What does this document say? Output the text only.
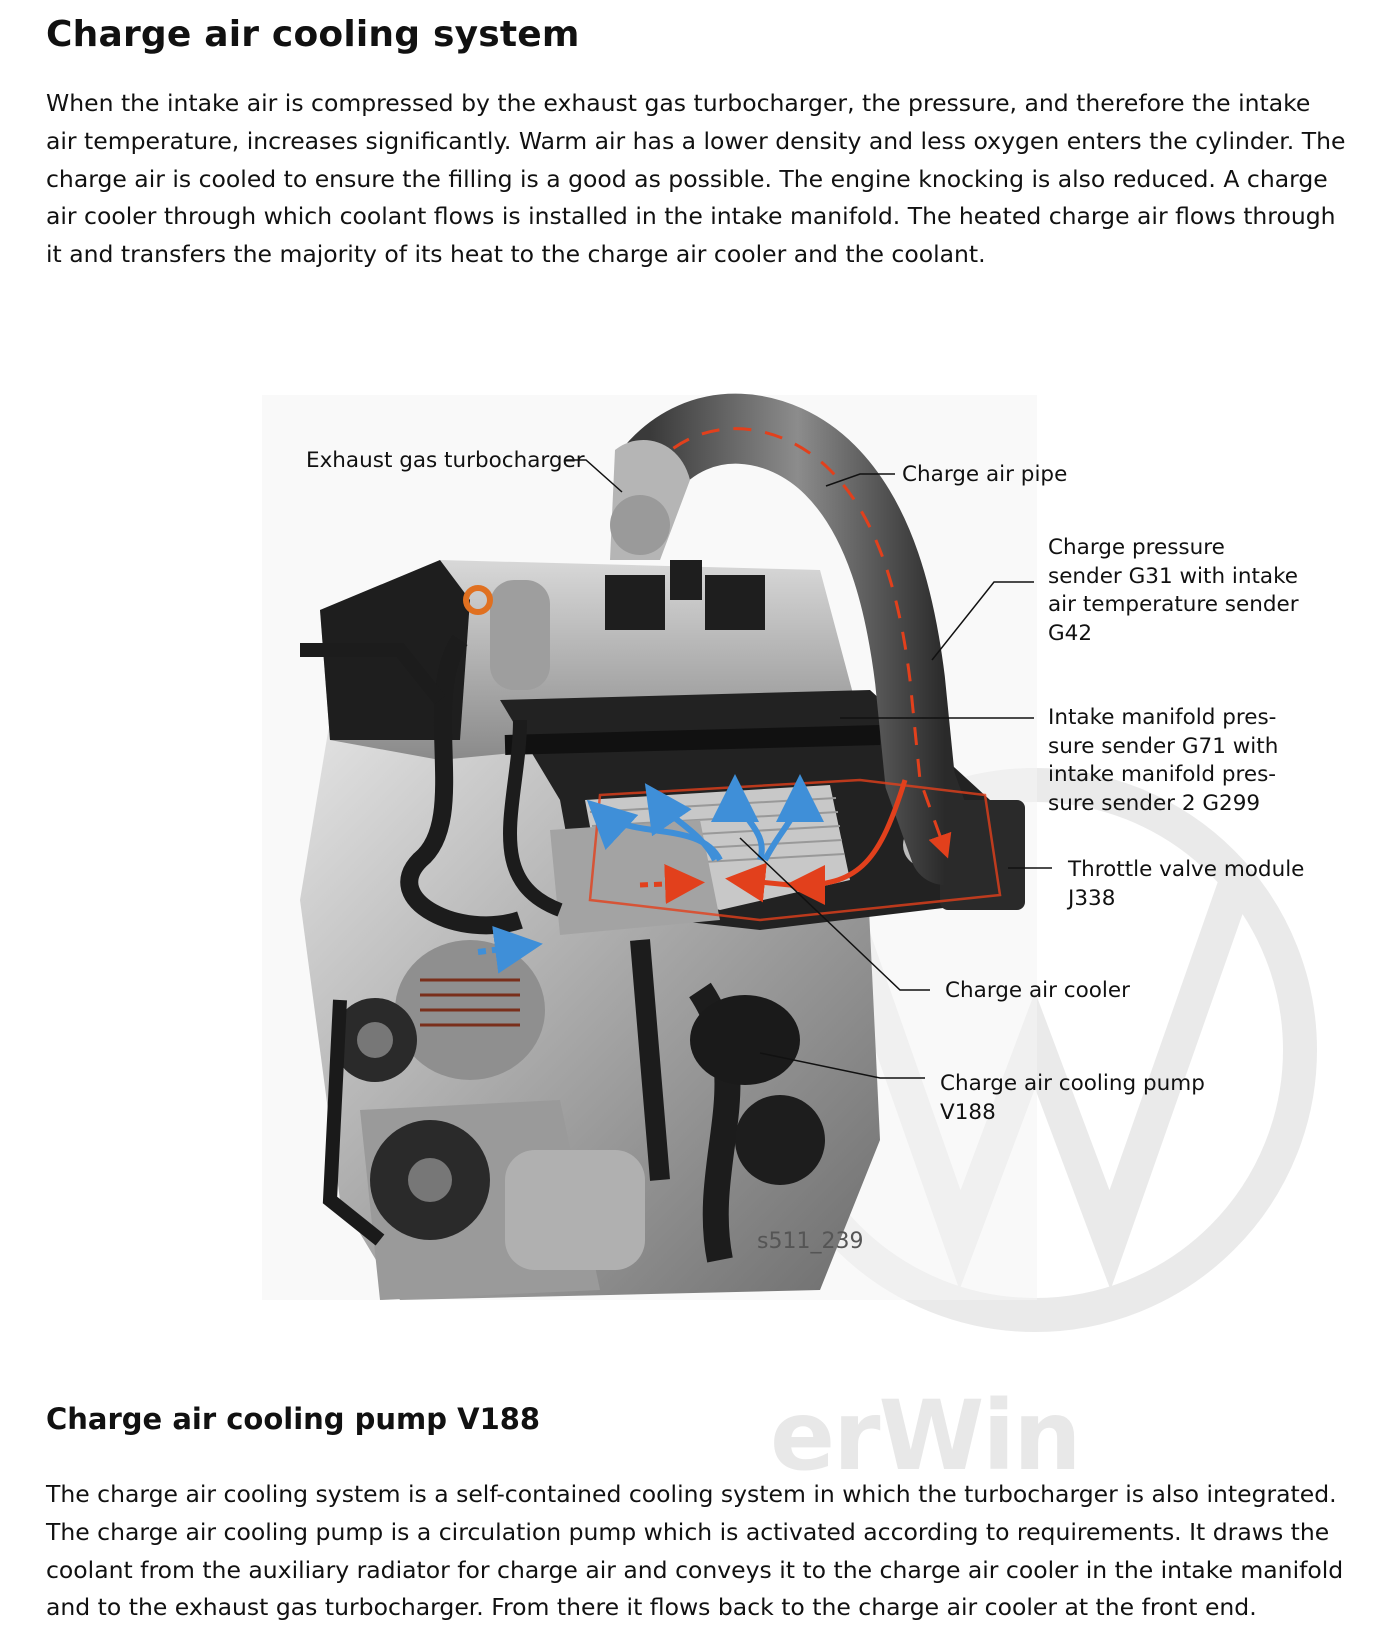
Charge air cooling system

When the intake air is compressed by the exhaust gas turbocharger, the pressure, and therefore the intake air temperature, increases significantly. Warm air has a lower density and less oxygen enters the cylinder. The charge air is cooled to ensure the filling is a good as possible. The engine knocking is also reduced. A charge air cooler through which coolant flows is installed in the intake manifold. The heated charge air flows through it and transfers the majority of its heat to the charge air cooler and the coolant.

Exhaust gas turbocharger
Charge air pipe
Charge pressure
sender G31 with intake
air temperature sender
G42
Intake manifold pres-
sure sender G71 with
intake manifold pres-
sure sender 2 G299
Throttle valve module
J338
Charge air cooler
Charge air cooling pump
V188
s511_239
erWin
Charge air cooling pump V188

The charge air cooling system is a self-contained cooling system in which the turbocharger is also integrated. The charge air cooling pump is a circulation pump which is activated according to requirements. It draws the coolant from the auxiliary radiator for charge air and conveys it to the charge air cooler in the intake manifold and to the exhaust gas turbocharger. From there it flows back to the charge air cooler at the front end.
